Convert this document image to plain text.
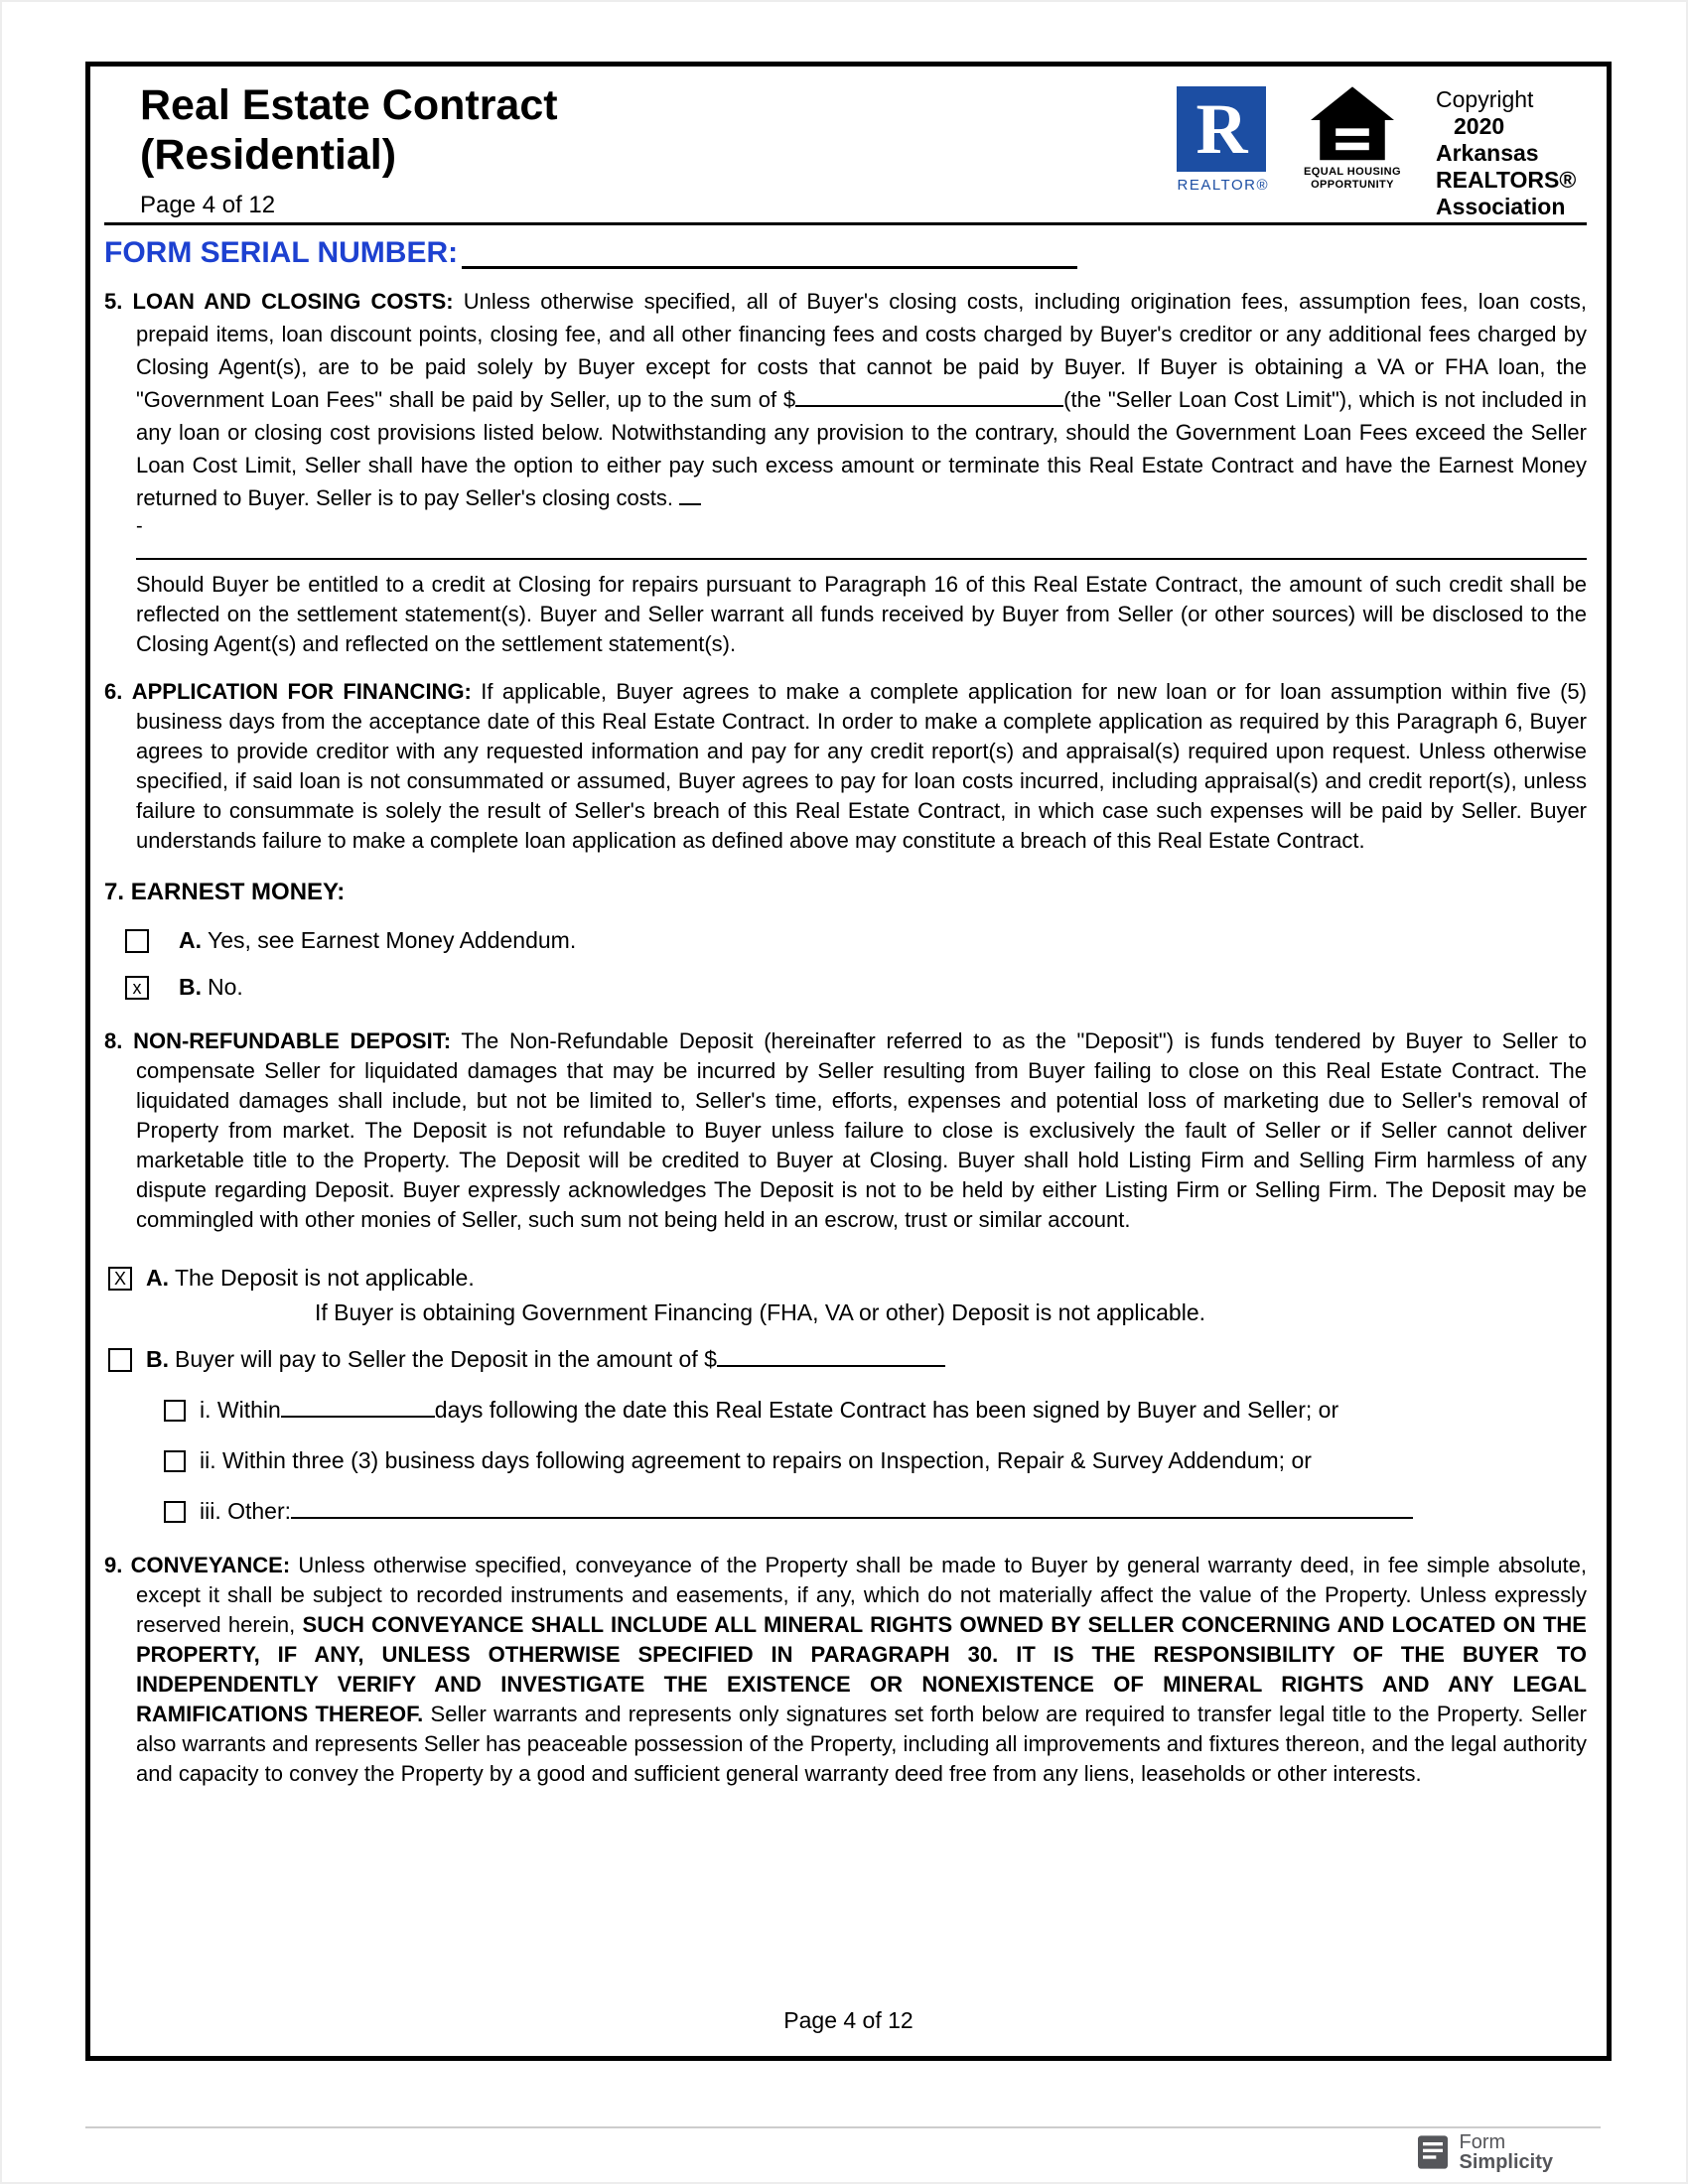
Real Estate Contract
(Residential)
Page 4 of 12
R
REALTOR®
EQUAL HOUSING
OPPORTUNITY
Copyright
2020
Arkansas
REALTORS®
Association
FORM SERIAL NUMBER:

5. LOAN AND CLOSING COSTS: Unless otherwise specified, all of Buyer's closing costs, including origination fees, assumption fees, loan costs, prepaid items, loan discount points, closing fee, and all other financing fees and costs charged by Buyer's creditor or any additional fees charged by Closing Agent(s), are to be paid solely by Buyer except for costs that cannot be paid by Buyer. If Buyer is obtaining a VA or FHA loan, the "Government Loan Fees" shall be paid by Seller, up to the sum of $	(the "Seller Loan Cost Limit"), which is not included in any loan or closing cost provisions listed below. Notwithstanding any provision to the contrary, should the Government Loan Fees exceed the Seller Loan Cost Limit, Seller shall have the option to either pay such excess amount or terminate this Real Estate Contract and have the Earnest Money returned to Buyer. Seller is to pay Seller's closing costs.

-

Should Buyer be entitled to a credit at Closing for repairs pursuant to Paragraph 16 of this Real Estate Contract, the amount of such credit shall be reflected on the settlement statement(s). Buyer and Seller warrant all funds received by Buyer from Seller (or other sources) will be disclosed to the Closing Agent(s) and reflected on the settlement statement(s).

6. APPLICATION FOR FINANCING: If applicable, Buyer agrees to make a complete application for new loan or for loan assumption within five (5) business days from the acceptance date of this Real Estate Contract. In order to make a complete application as required by this Paragraph 6, Buyer agrees to provide creditor with any requested information and pay for any credit report(s) and appraisal(s) required upon request. Unless otherwise specified, if said loan is not consummated or assumed, Buyer agrees to pay for loan costs incurred, including appraisal(s) and credit report(s), unless failure to consummate is solely the result of Seller's breach of this Real Estate Contract, in which case such expenses will be paid by Seller. Buyer understands failure to make a complete loan application as defined above may constitute a breach of this Real Estate Contract.

7. EARNEST MONEY:

A. Yes, see Earnest Money Addendum.
x B. No.

8. NON-REFUNDABLE DEPOSIT: The Non-Refundable Deposit (hereinafter referred to as the "Deposit") is funds tendered by Buyer to Seller to compensate Seller for liquidated damages that may be incurred by Seller resulting from Buyer failing to close on this Real Estate Contract. The liquidated damages shall include, but not be limited to, Seller's time, efforts, expenses and potential loss of marketing due to Seller's removal of Property from market. The Deposit is not refundable to Buyer unless failure to close is exclusively the fault of Seller or if Seller cannot deliver marketable title to the Property. The Deposit will be credited to Buyer at Closing. Buyer shall hold Listing Firm and Selling Firm harmless of any dispute regarding Deposit. Buyer expressly acknowledges The Deposit is not to be held by either Listing Firm or Selling Firm. The Deposit may be commingled with other monies of Seller, such sum not being held in an escrow, trust or similar account.

X A. The Deposit is not applicable.
If Buyer is obtaining Government Financing (FHA, VA or other) Deposit is not applicable.
B. Buyer will pay to Seller the Deposit in the amount of $
i. Within	days following the date this Real Estate Contract has been signed by Buyer and Seller; or
ii. Within three (3) business days following agreement to repairs on Inspection, Repair & Survey Addendum; or
iii. Other:

9. CONVEYANCE: Unless otherwise specified, conveyance of the Property shall be made to Buyer by general warranty deed, in fee simple absolute, except it shall be subject to recorded instruments and easements, if any, which do not materially affect the value of the Property. Unless expressly reserved herein, SUCH CONVEYANCE SHALL INCLUDE ALL MINERAL RIGHTS OWNED BY SELLER CONCERNING AND LOCATED ON THE PROPERTY, IF ANY, UNLESS OTHERWISE SPECIFIED IN PARAGRAPH 30. IT IS THE RESPONSIBILITY OF THE BUYER TO INDEPENDENTLY VERIFY AND INVESTIGATE THE EXISTENCE OR NONEXISTENCE OF MINERAL RIGHTS AND ANY LEGAL RAMIFICATIONS THEREOF. Seller warrants and represents only signatures set forth below are required to transfer legal title to the Property. Seller also warrants and represents Seller has peaceable possession of the Property, including all improvements and fixtures thereon, and the legal authority and capacity to convey the Property by a good and sufficient general warranty deed free from any liens, leaseholds or other interests.

Page 4 of 12
Form
Simplicity
